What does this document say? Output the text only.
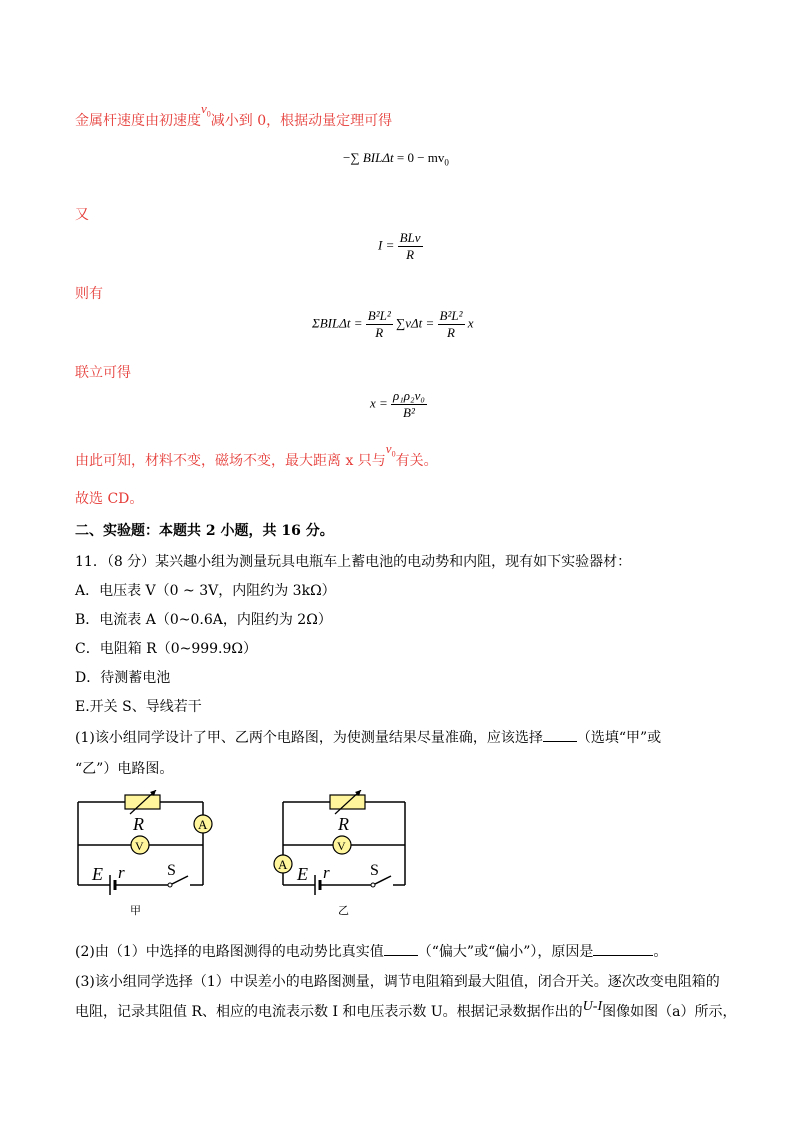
金属杆速度由初速度$v_0$减小到 0，根据动量定理可得
−∑ $BIL\Delta t = 0 - mv_0$
又
$I = \frac{\text{BLv}}{R}$
则有
$\Sigma BIL\Delta t = \frac{\text{B²L²}}{R} \sum v\Delta t = \frac{\text{B²L²}}{R}$ x
联立可得
$x = \frac{\text{ρ₁ρ₂v₀}}{\text{B²}}$
由此可知，材料不变，磁场不变，最大距离 x 只与$v_0$有关。
故选 CD。
二、实验题：本题共 2 小题，共 16 分。
11．（8 分）某兴趣小组为测量玩具电瓶车上蓄电池的电动势和内阻，现有如下实验器材：
A．电压表 V（0 ~ 3V，内阻约为 3kΩ）
B．电流表 A（0~0.6A，内阻约为 2Ω）
C．电阻箱 R（0~999.9Ω）
D．待测蓄电池
E.开关 S、导线若干
(1)该小组同学设计了甲、乙两个电路图，为使测量结果尽量准确，应该选择 （选填“甲”或
“乙”）电路图。
R	A
V
E r	S
甲
R
V
A E r	S
乙
(2)由（1）中选择的电路图测得的电动势比真实值 （“偏大”或“偏小”），原因是	。
(3)该小组同学选择（1）中误差小的电路图测量，调节电阻箱到最大阻值，闭合开关。逐次改变电阻箱的
电阻，记录其阻值 R、相应的电流表示数 I 和电压表示数 U。根据记录数据作出的U-I图像如图（a）所示，
